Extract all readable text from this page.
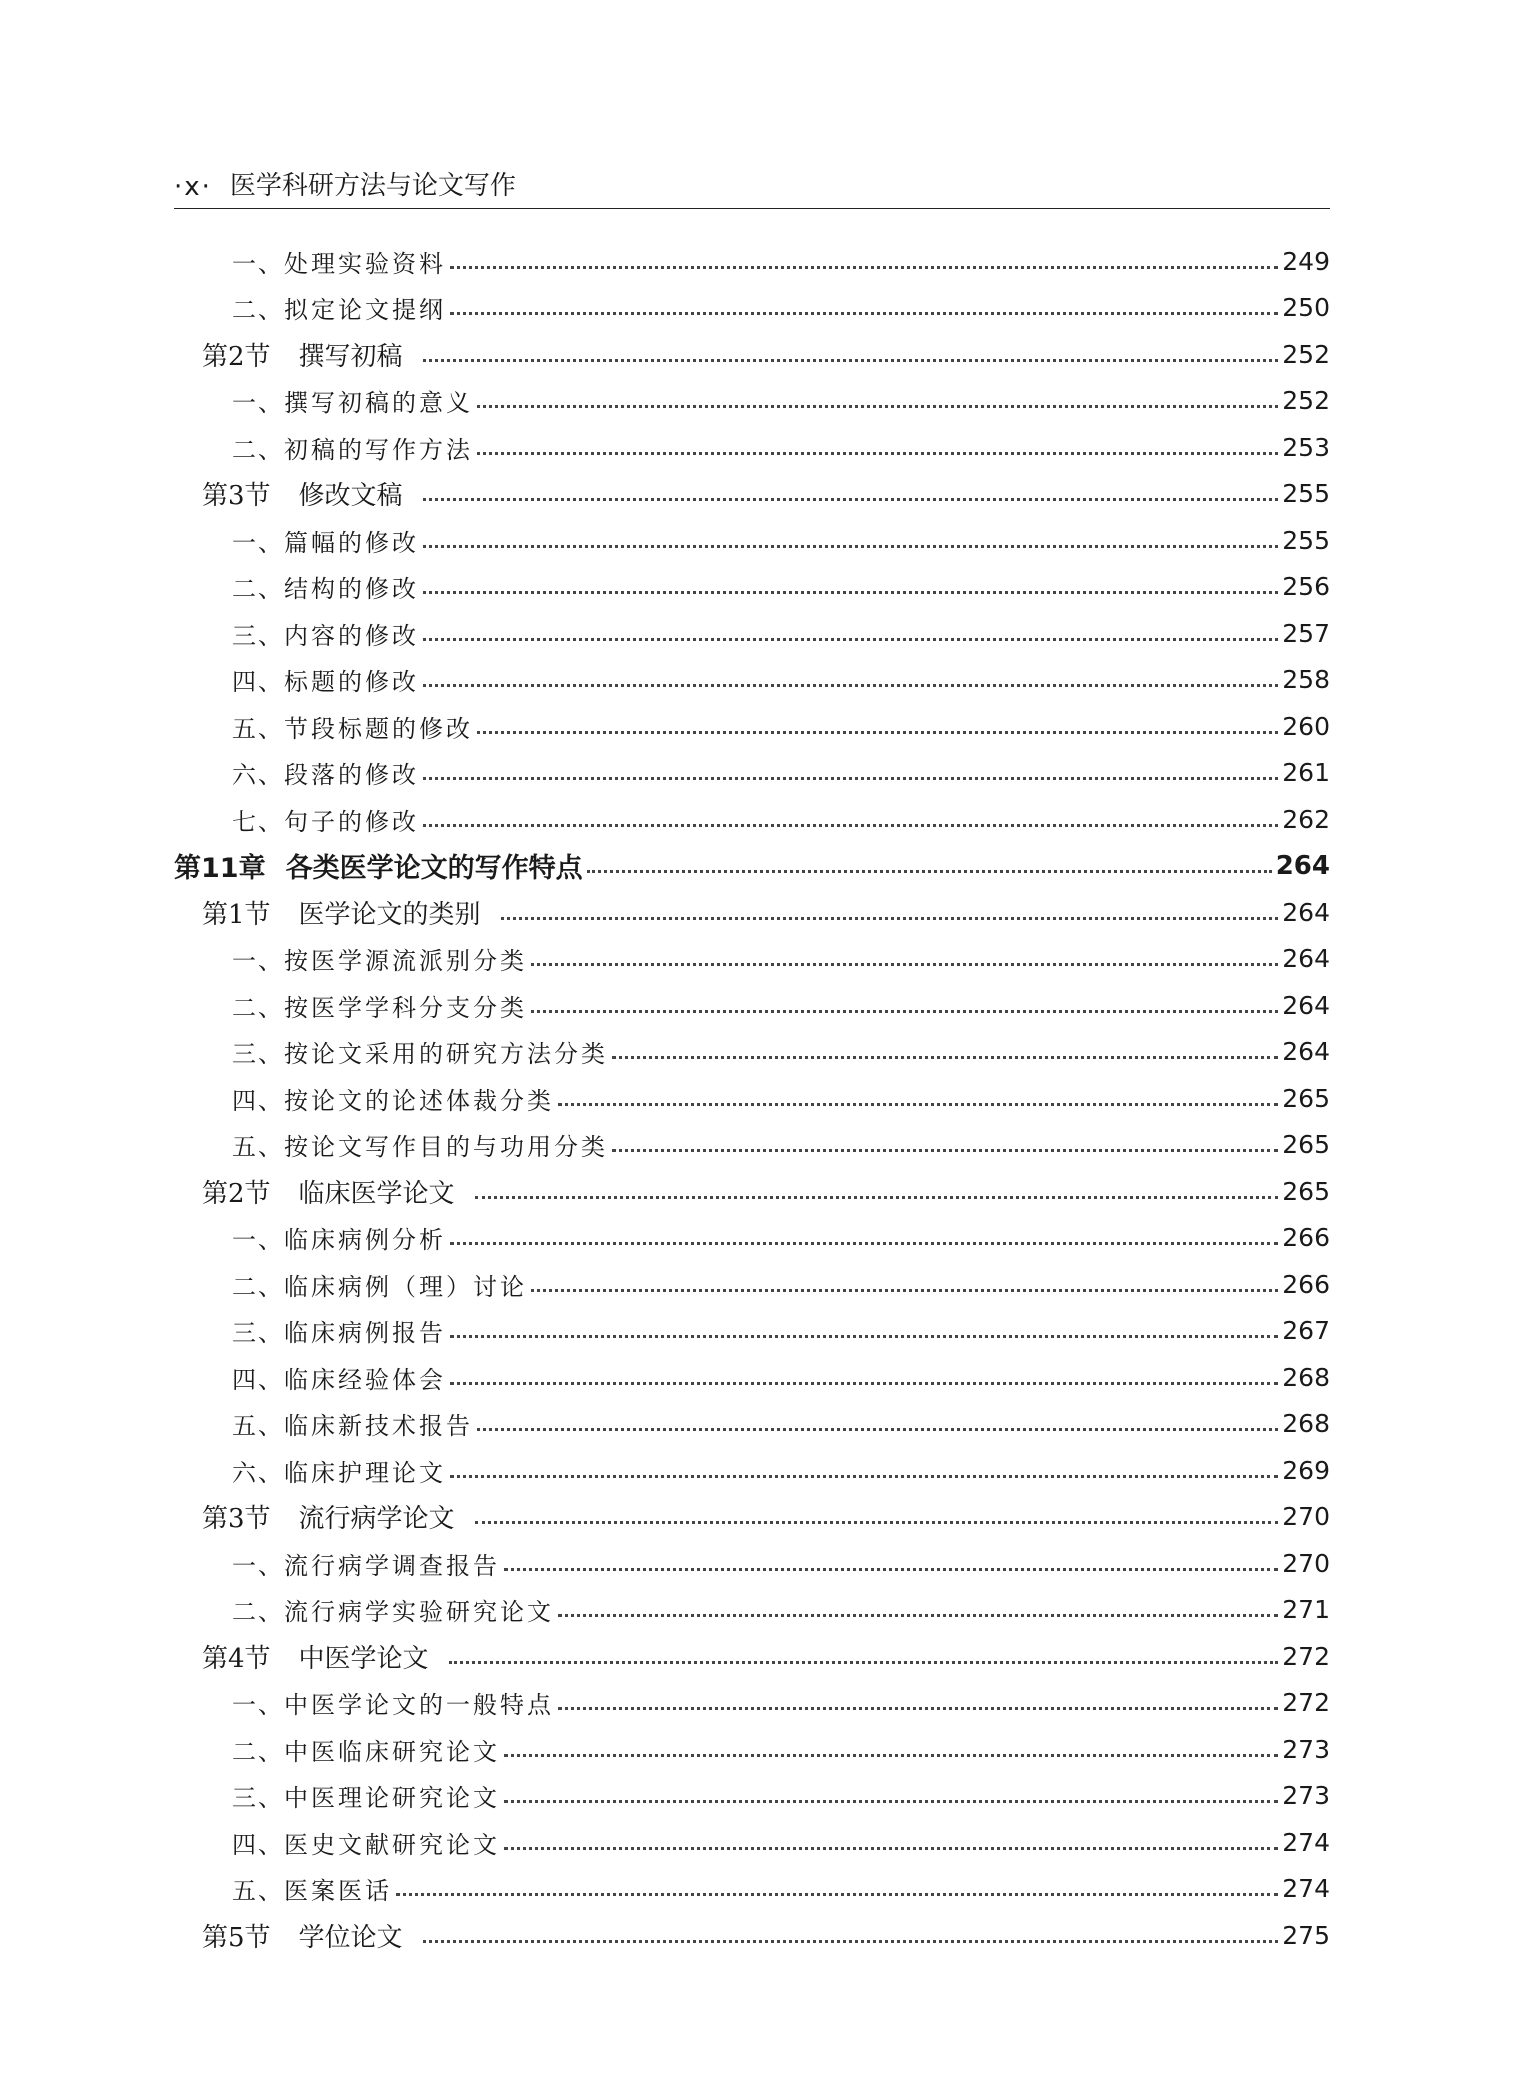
·x· 医学科研方法与论文写作
一、 处理实验资料	249
二、 拟定论文提纲	250
第2节 撰写初稿	252
一、 撰写初稿的意义	252
二、 初稿的写作方法	253
第3节 修改文稿	255
一、 篇幅的修改	255
二、 结构的修改	256
三、 内容的修改	257
四、 标题的修改	258
五、 节段标题的修改	260
六、 段落的修改	261
七、 句子的修改	262
第11章 各类医学论文的写作特点	264
第1节 医学论文的类别	264
一、 按医学源流派别分类	264
二、 按医学学科分支分类	264
三、 按论文采用的研究方法分类	264
四、 按论文的论述体裁分类	265
五、 按论文写作目的与功用分类	265
第2节 临床医学论文	265
一、 临床病例分析	266
二、 临床病例（理）讨论	266
三、 临床病例报告	267
四、 临床经验体会	268
五、 临床新技术报告	268
六、 临床护理论文	269
第3节 流行病学论文	270
一、 流行病学调查报告	270
二、 流行病学实验研究论文	271
第4节 中医学论文	272
一、 中医学论文的一般特点	272
二、 中医临床研究论文	273
三、 中医理论研究论文	273
四、 医史文献研究论文	274
五、 医案医话	274
第5节 学位论文	275
